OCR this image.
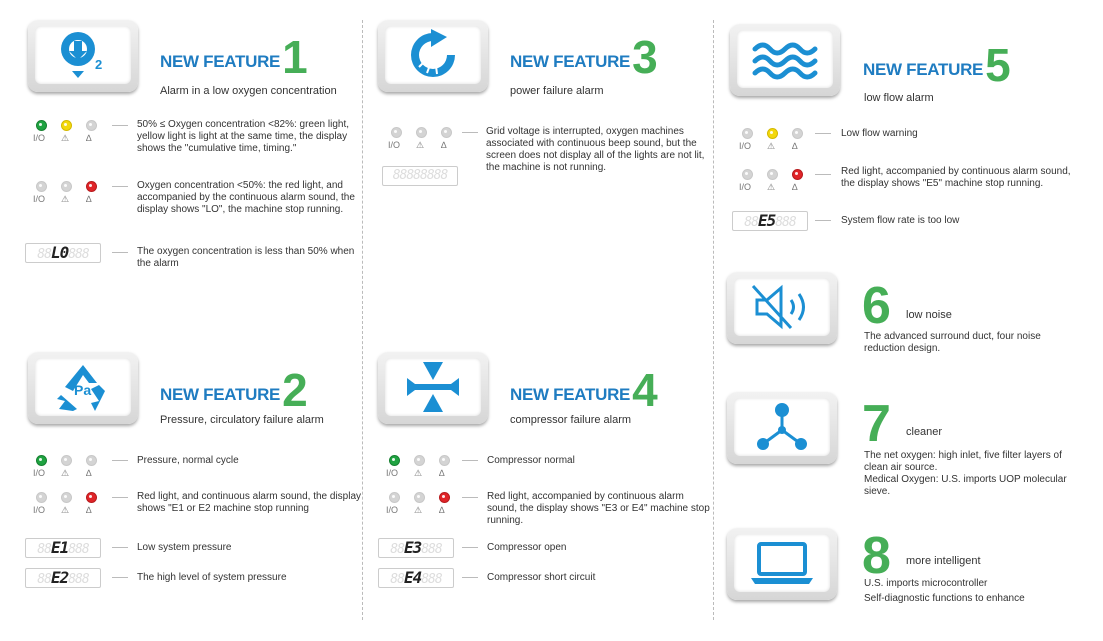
2	NEW FEATURE1
Alarm in a low oxygen concentration
I/O ⚠ ∆
50% ≤ Oxygen concentration <82%: green light, yellow light is light at the same time, the display shows the "cumulative time, timing."
I/O ⚠ ∆
Oxygen concentration <50%: the red light, and accompanied by the continuous alarm sound, the display shows "LO", the machine stop running.
88L0888	The oxygen concentration is less than 50% when the alarm
Pa	NEW FEATURE2
Pressure, circulatory failure alarm
I/O ⚠ ∆
Pressure, normal cycle
I/O ⚠ ∆
Red light, and continuous alarm sound, the display shows "E1 or E2 machine stop running
88E1888	Low system pressure
88E2888	The high level of system pressure
NEW FEATURE3
power failure alarm
I/O ⚠ ∆
Grid voltage is interrupted, oxygen machines associated with continuous beep sound, but the screen does not display all of the lights are not lit, the machine is not running.
88888888
NEW FEATURE4
compressor failure alarm
I/O ⚠ ∆
Compressor normal
I/O ⚠ ∆
Red light, accompanied by continuous alarm sound, the display shows "E3 or E4" machine stop running.
88E3888	Compressor open
88E4888	Compressor short circuit
NEW FEATURE5
low flow alarm
I/O ⚠ ∆
Low flow warning
I/O ⚠ ∆
Red light, accompanied by continuous alarm sound, the display shows "E5" machine stop running.
88E5888	System flow rate is too low
6 low noise
The advanced surround duct, four noise reduction design.
7 cleaner
The net oxygen: high inlet, five filter layers of clean air source.
Medical Oxygen: U.S. imports UOP molecular sieve.
8 more intelligent
U.S. imports microcontroller
Self-diagnostic functions to enhance
